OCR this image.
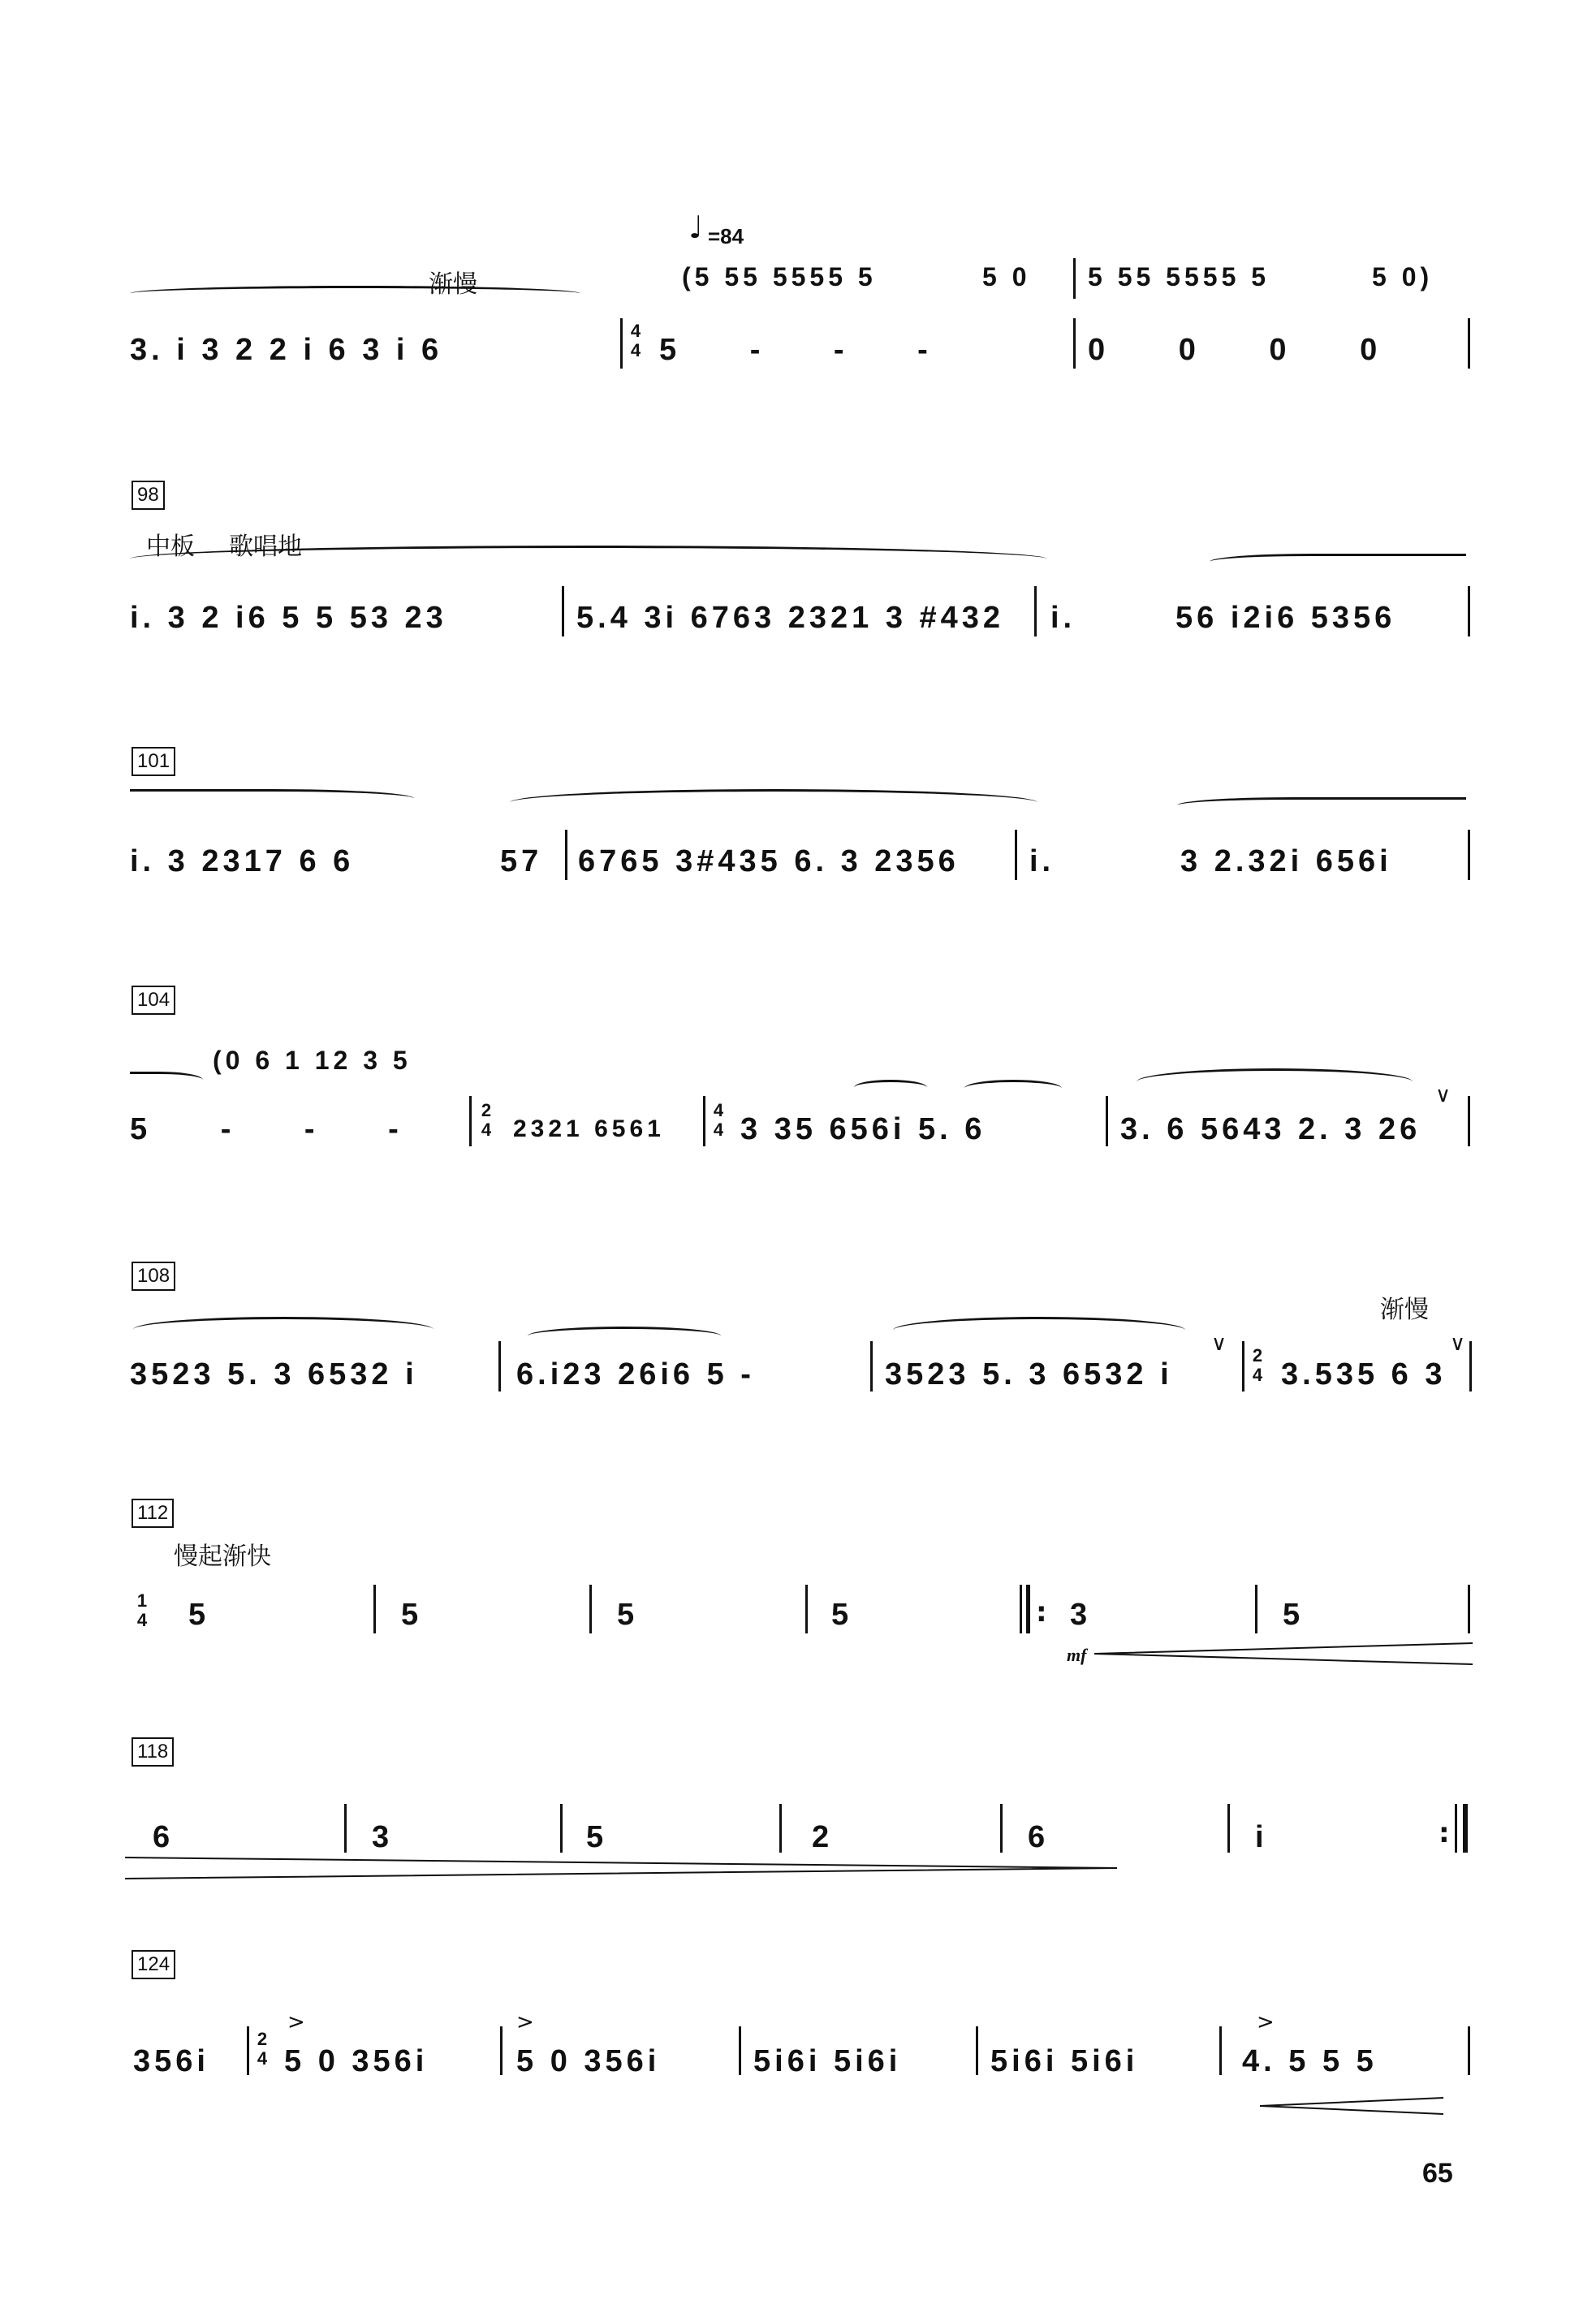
♩ =84
渐慢	(5 55 5555 5	5 0 5 55 5555 5	5 0)
3. i 3 2 2 i 6 3 i 6
4
4 5 - - -	0 0 0 0
98
中板 歌唱地
i. 3 2 i6 5 5 53 23	5.4 3i 6763 2321 3 #432 i.	56 i2i6 5356
101
i. 3 2317 6 6	57 6765 3#435 6. 3 2356 i.	3 2.32i 656i
104
(0 6 1 12 3 5
5 - - -
2
4 2321 6561
4
4 3 35 656i 5. 6	3. 6 5643 2. 3 26
∨
108
渐慢
3523 5. 3 6532 i	6.i23 26i6 5 -	3523 5. 3 6532 i
∨ 2
4 3.535 6 3
∨
112
慢起渐快
1
4 5	5	5	5	: 3	5
mf
118
6	3	5	2	6	i	:
124
356i
2
4
>
5 0 356i
>
5 0 356i	5i6i 5i6i	5i6i 5i6i
>
4. 5 5 5
65
